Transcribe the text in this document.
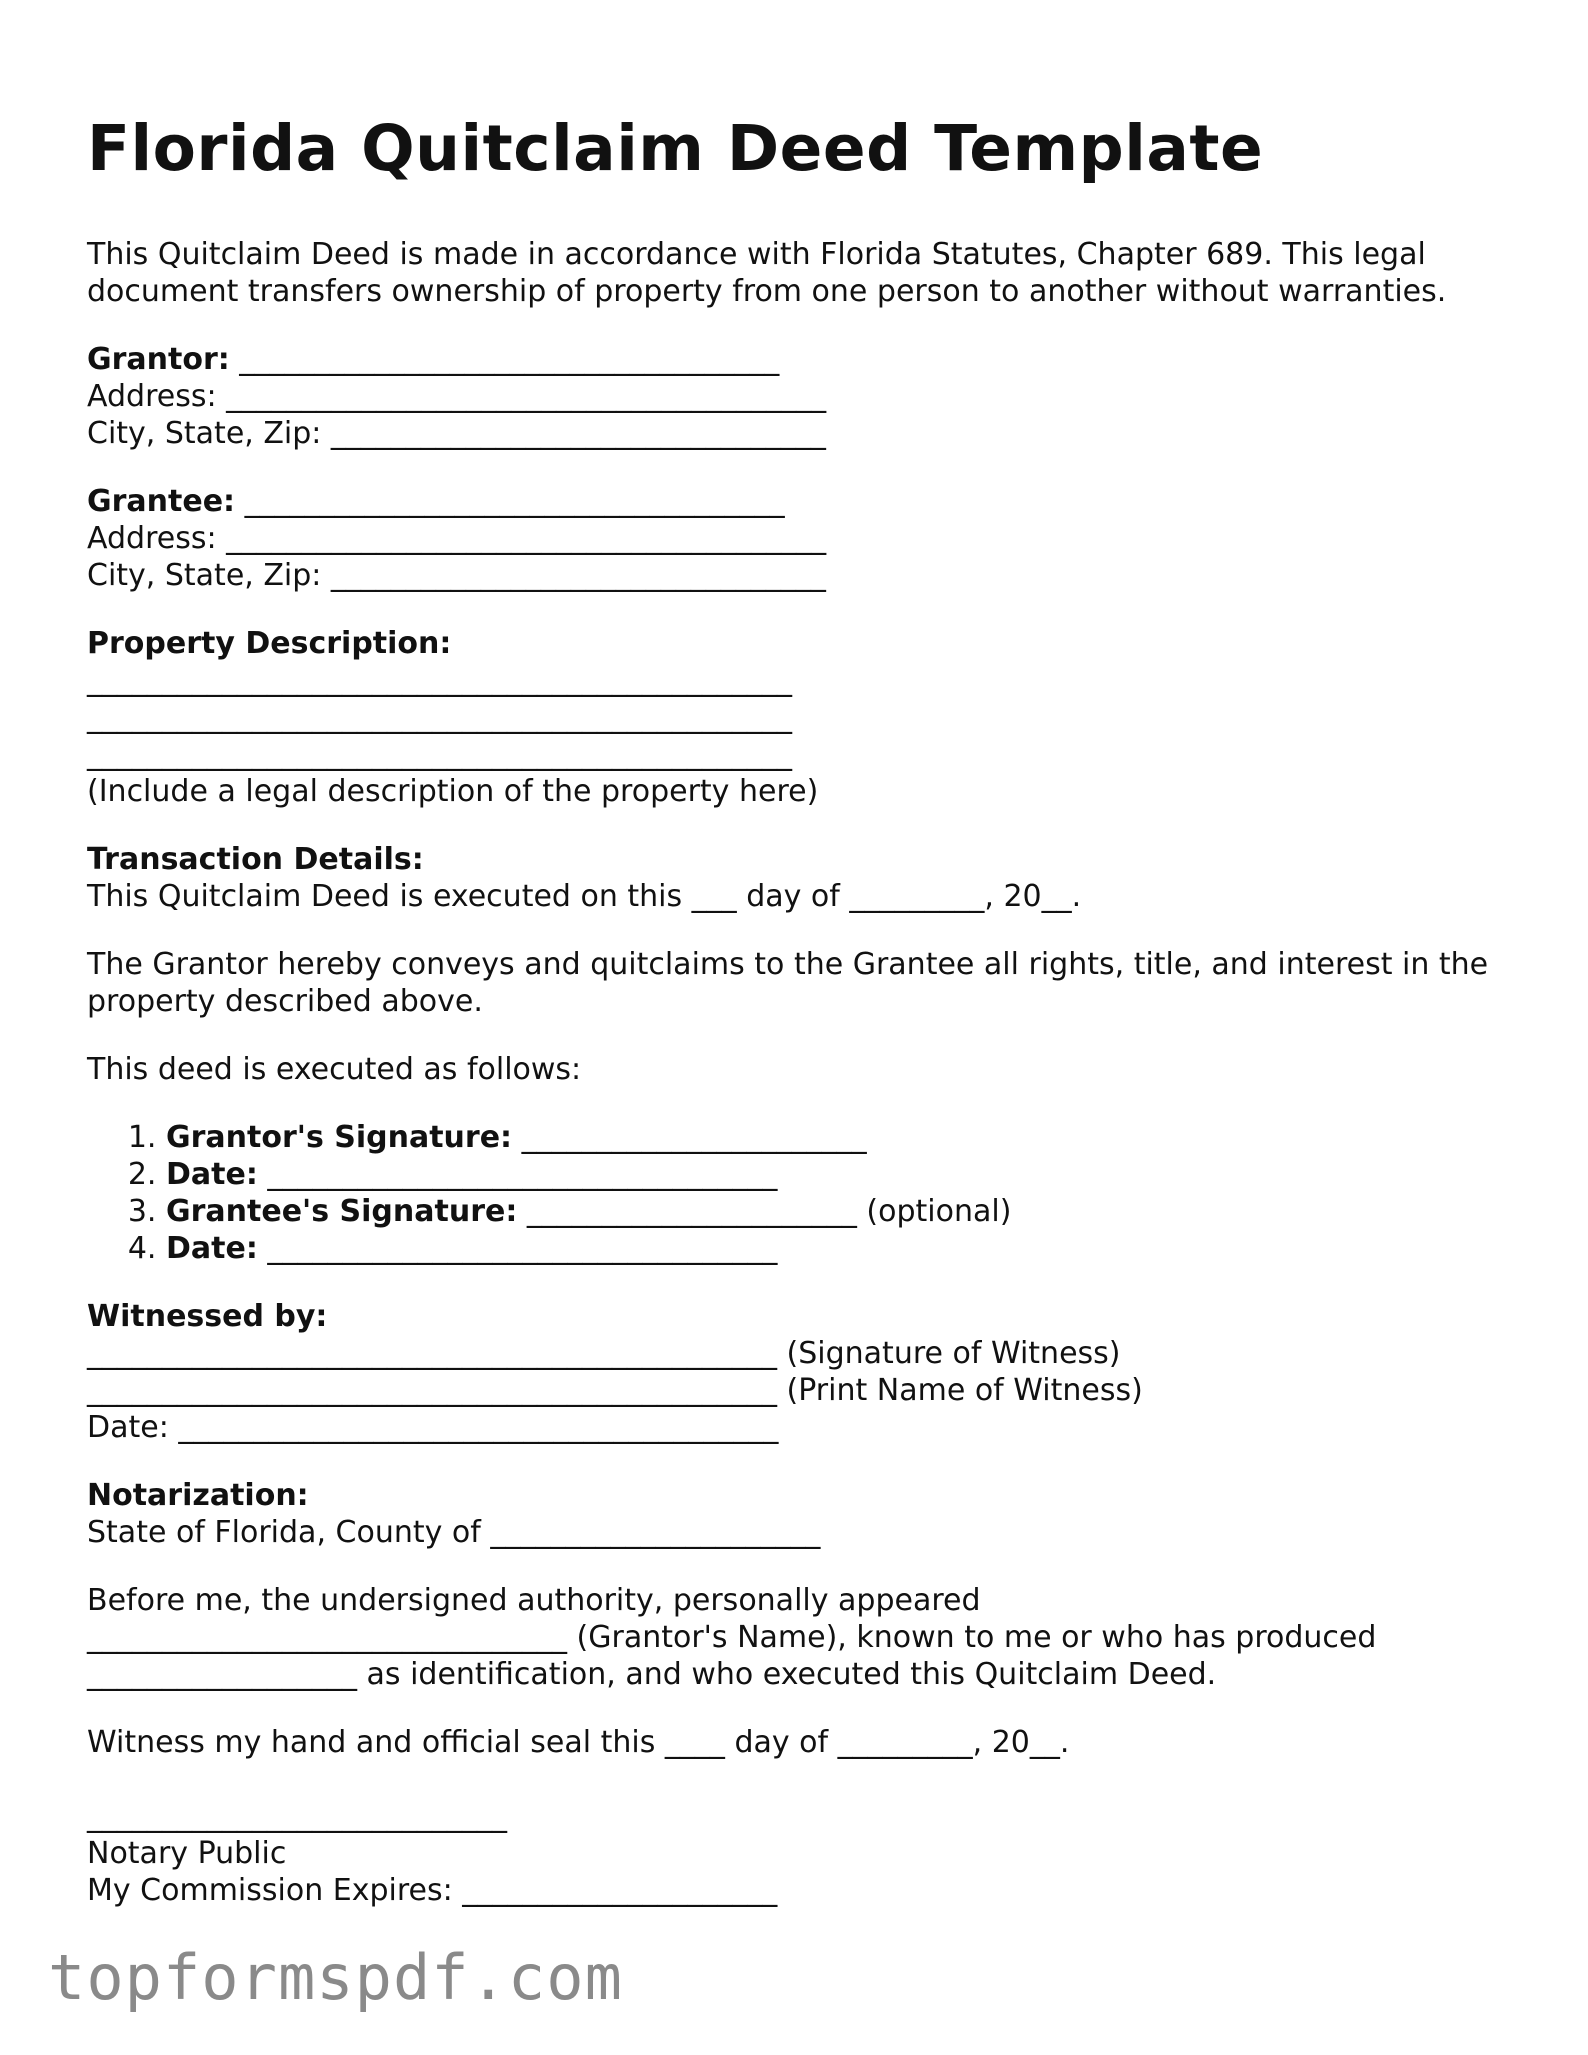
Florida Quitclaim Deed Template

This Quitclaim Deed is made in accordance with Florida Statutes, Chapter 689. This legal document transfers ownership of property from one person to another without warranties.

Grantor: ____________________________________
Address: ________________________________________
City, State, Zip: _________________________________
Grantee: ____________________________________
Address: ________________________________________
City, State, Zip: _________________________________
Property Description:
_______________________________________________
_______________________________________________
_______________________________________________
(Include a legal description of the property here)
Transaction Details:
This Quitclaim Deed is executed on this ___ day of _________, 20__.

The Grantor hereby conveys and quitclaims to the Grantee all rights, title, and interest in the property described above.

This deed is executed as follows:

1. Grantor's Signature: _______________________
2. Date: __________________________________
3. Grantee's Signature: ______________________ (optional)
4. Date: __________________________________
Witnessed by:
______________________________________________ (Signature of Witness)
______________________________________________ (Print Name of Witness)
Date: ________________________________________
Notarization:
State of Florida, County of ______________________
Before me, the undersigned authority, personally appeared
________________________________ (Grantor's Name), known to me or who has produced
__________________ as identification, and who executed this Quitclaim Deed.

Witness my hand and official seal this ____ day of _________, 20__.

____________________________
Notary Public
My Commission Expires: _____________________
topformspdf.com
